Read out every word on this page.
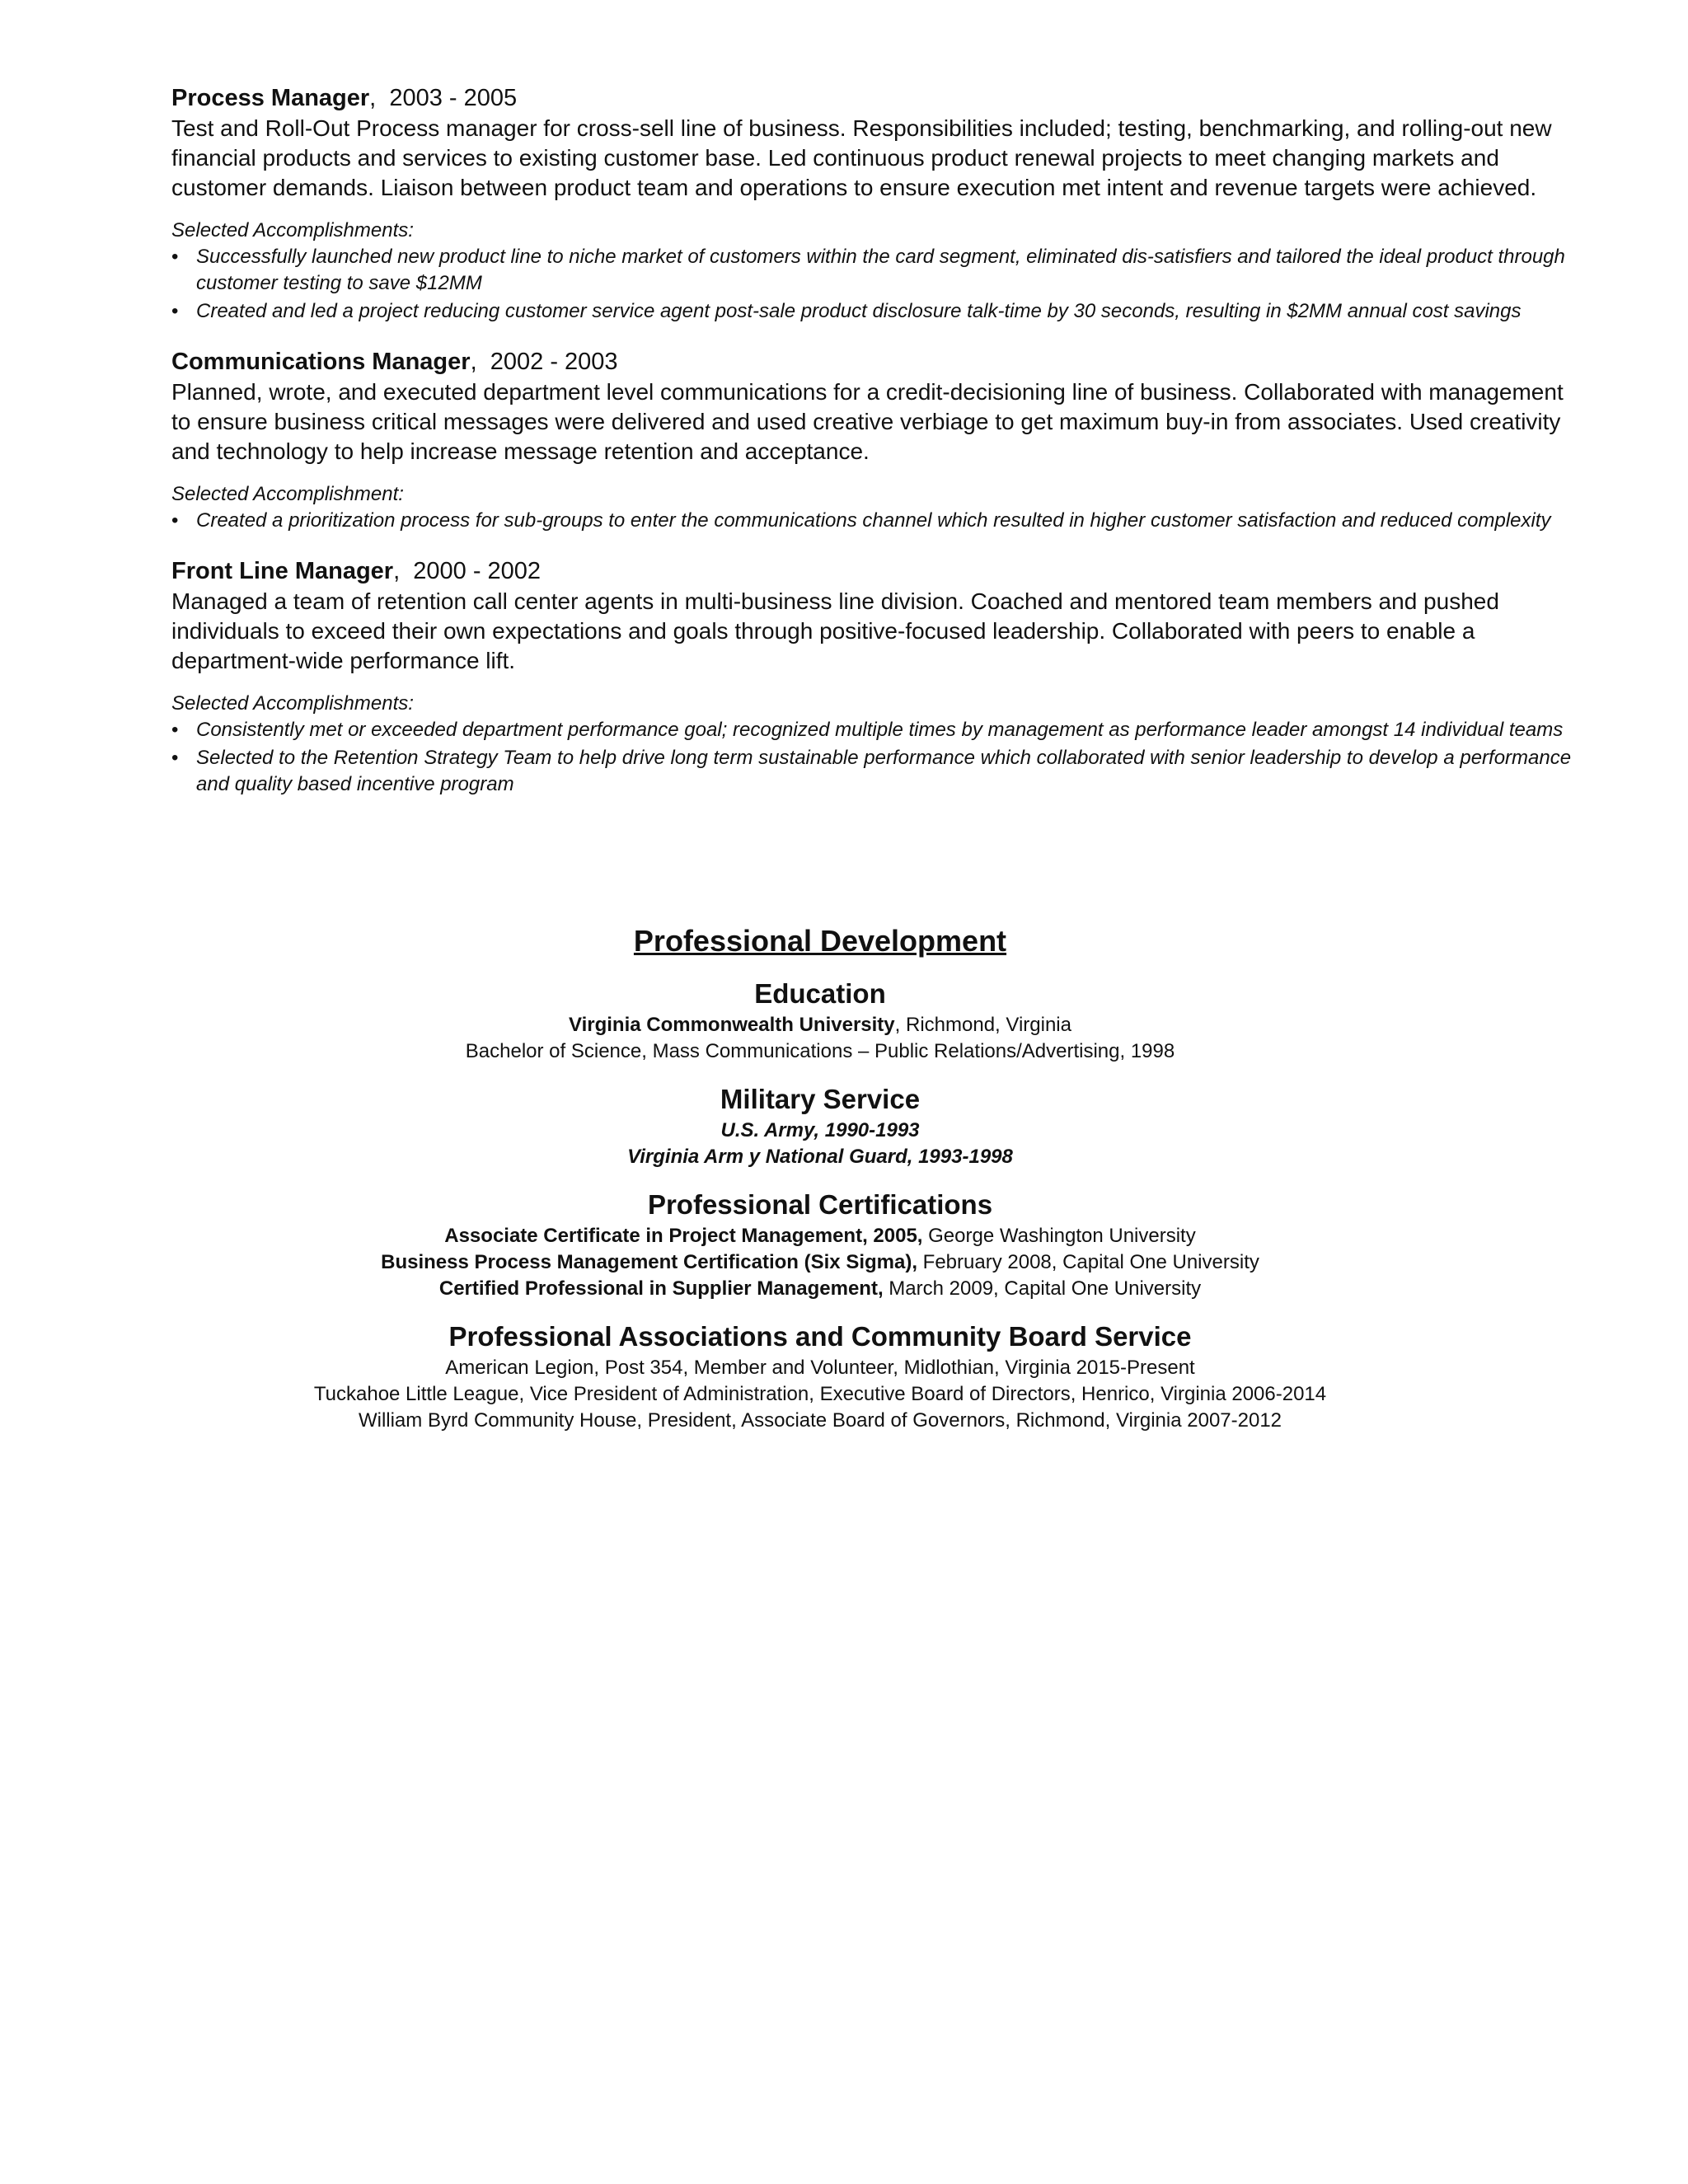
Process Manager, 2003 - 2005

Test and Roll-Out Process manager for cross-sell line of business. Responsibilities included; testing, benchmarking, and rolling-out new financial products and services to existing customer base. Led continuous product renewal projects to meet changing markets and customer demands. Liaison between product team and operations to ensure execution met intent and revenue targets were achieved.

Selected Accomplishments:

• Successfully launched new product line to niche market of customers within the card segment, eliminated dis-satisfiers and tailored the ideal product through customer testing to save $12MM
• Created and led a project reducing customer service agent post-sale product disclosure talk-time by 30 seconds, resulting in $2MM annual cost savings

Communications Manager, 2002 - 2003

Planned, wrote, and executed department level communications for a credit-decisioning line of business. Collaborated with management to ensure business critical messages were delivered and used creative verbiage to get maximum buy-in from associates. Used creativity and technology to help increase message retention and acceptance.

Selected Accomplishment:

• Created a prioritization process for sub-groups to enter the communications channel which resulted in higher customer satisfaction and reduced complexity

Front Line Manager, 2000 - 2002

Managed a team of retention call center agents in multi-business line division. Coached and mentored team members and pushed individuals to exceed their own expectations and goals through positive-focused leadership. Collaborated with peers to enable a department-wide performance lift.

Selected Accomplishments:

• Consistently met or exceeded department performance goal; recognized multiple times by management as performance leader amongst 14 individual teams
• Selected to the Retention Strategy Team to help drive long term sustainable performance which collaborated with senior leadership to develop a performance and quality based incentive program

Professional Development

Education

Virginia Commonwealth University, Richmond, Virginia

Bachelor of Science, Mass Communications – Public Relations/Advertising, 1998

Military Service

U.S. Army, 1990-1993

Virginia Arm y National Guard, 1993-1998

Professional Certifications

Associate Certificate in Project Management, 2005, George Washington University

Business Process Management Certification (Six Sigma), February 2008, Capital One University

Certified Professional in Supplier Management, March 2009, Capital One University

Professional Associations and Community Board Service

American Legion, Post 354, Member and Volunteer, Midlothian, Virginia 2015-Present

Tuckahoe Little League, Vice President of Administration, Executive Board of Directors, Henrico, Virginia 2006-2014

William Byrd Community House, President, Associate Board of Governors, Richmond, Virginia 2007-2012
